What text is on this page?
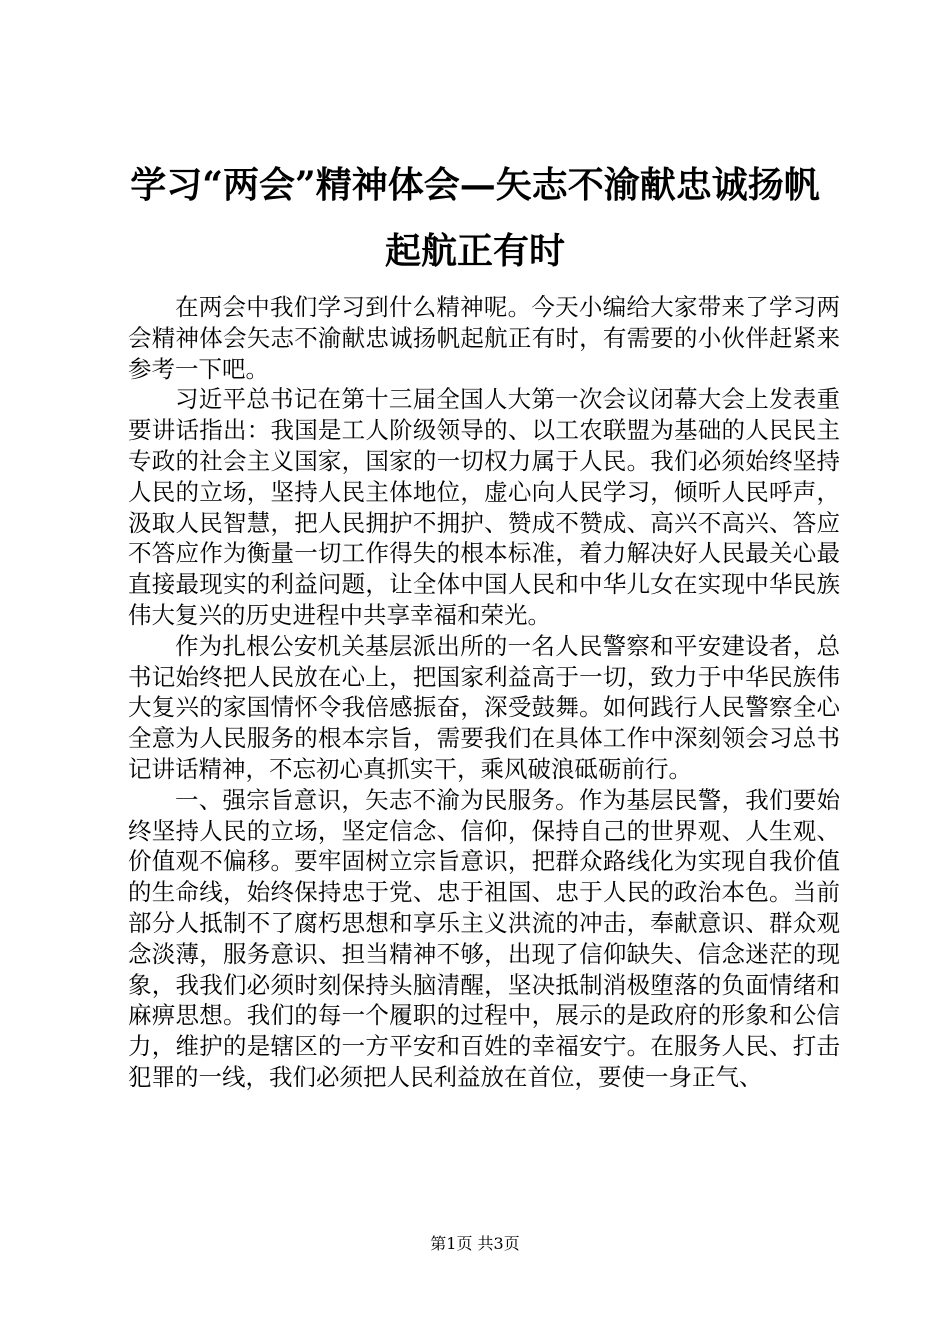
学习“两会”精神体会—矢志不渝献忠诚扬帆
起航正有时

在两会中我们学习到什么精神呢。今天小编给大家带来了学习两会精神体会矢志不渝献忠诚扬帆起航正有时，有需要的小伙伴赶紧来参考一下吧。

习近平总书记在第十三届全国人大第一次会议闭幕大会上发表重要讲话指出：我国是工人阶级领导的、以工农联盟为基础的人民民主专政的社会主义国家，国家的一切权力属于人民。我们必须始终坚持人民的立场，坚持人民主体地位，虚心向人民学习，倾听人民呼声，汲取人民智慧，把人民拥护不拥护、赞成不赞成、高兴不高兴、答应不答应作为衡量一切工作得失的根本标准，着力解决好人民最关心最直接最现实的利益问题，让全体中国人民和中华儿女在实现中华民族伟大复兴的历史进程中共享幸福和荣光。

作为扎根公安机关基层派出所的一名人民警察和平安建设者，总书记始终把人民放在心上，把国家利益高于一切，致力于中华民族伟大复兴的家国情怀令我倍感振奋，深受鼓舞。如何践行人民警察全心全意为人民服务的根本宗旨，需要我们在具体工作中深刻领会习总书记讲话精神，不忘初心真抓实干，乘风破浪砥砺前行。

一、强宗旨意识，矢志不渝为民服务。作为基层民警，我们要始终坚持人民的立场，坚定信念、信仰，保持自己的世界观、人生观、价值观不偏移。要牢固树立宗旨意识，把群众路线化为实现自我价值的生命线，始终保持忠于党、忠于祖国、忠于人民的政治本色。当前部分人抵制不了腐朽思想和享乐主义洪流的冲击，奉献意识、群众观念淡薄，服务意识、担当精神不够，出现了信仰缺失、信念迷茫的现象，我我们必须时刻保持头脑清醒，坚决抵制消极堕落的负面情绪和麻痹思想。我们的每一个履职的过程中，展示的是政府的形象和公信力，维护的是辖区的一方平安和百姓的幸福安宁。在服务人民、打击犯罪的一线，我们必须把人民利益放在首位，要使一身正气、

第1页 共3页
